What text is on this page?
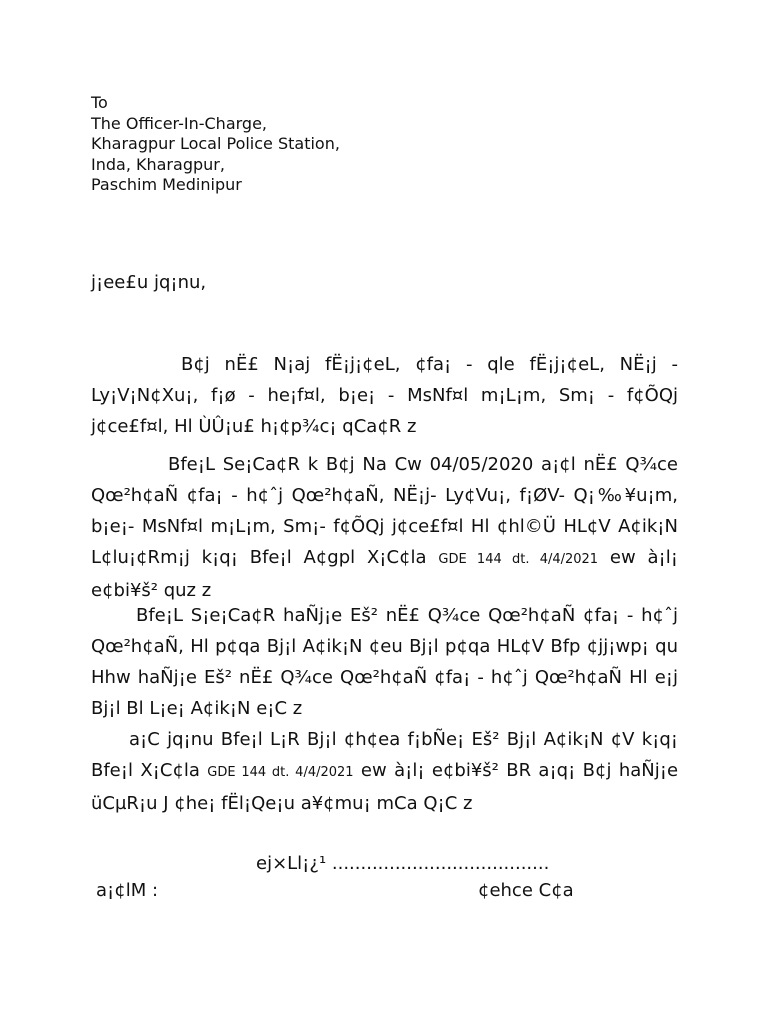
To
The Officer-In-Charge,
Kharagpur Local Police Station,
Inda, Kharagpur,
Paschim Medinipur
j¡ee£u jq¡nu,
B¢j nË£ N¡aj fË¡j¡¢eL, ¢fa¡ - qle fË¡j¡¢eL, NË¡j - Ly¡V¡N¢Xu¡, f¡ø - he¡f¤l, b¡e¡ - MsNf¤l m¡L¡m, Sm¡ - f¢ÕQj j¢ce£f¤l, Hl ÙÛ¡u£ h¡¢p¾c¡ qCa¢R z
Bfe¡L Se¡Ca¢R k B¢j Na Cw 04/05/2020 a¡¢l nË£ Q¾ce Qœ²h¢aÑ ¢fa¡ - h¢ˆj Qœ²h¢aÑ, NË¡j- Ly¢Vu¡, f¡ØV- Q¡‰¥u¡m, b¡e¡- MsNf¤l m¡L¡m, Sm¡- f¢ÕQj j¢ce£f¤l Hl ¢hl©Ü HL¢V A¢ik¡N L¢lu¡¢Rm¡j k¡q¡ Bfe¡l A¢gpl X¡C¢la GDE 144 dt. 4/4/2021 ew à¡l¡ e¢bi¥š² quz z
Bfe¡L S¡e¡Ca¢R haÑj¡e Eš² nË£ Q¾ce Qœ²h¢aÑ ¢fa¡ - h¢ˆj Qœ²h¢aÑ, Hl p¢qa Bj¡l A¢ik¡N ¢eu Bj¡l p¢qa HL¢V Bfp ¢jj¡wp¡ qu Hhw haÑj¡e Eš² nË£ Q¾ce Qœ²h¢aÑ ¢fa¡ - h¢ˆj Qœ²h¢aÑ Hl e¡j Bj¡l Bl L¡e¡ A¢ik¡N e¡C z
a¡C jq¡nu Bfe¡l L¡R Bj¡l ¢h¢ea f¡bÑe¡ Eš² Bj¡l A¢ik¡N ¢V k¡q¡ Bfe¡l X¡C¢la GDE 144 dt. 4/4/2021 ew à¡l¡ e¢bi¥š² BR a¡q¡ B¢j haÑj¡e üCµR¡u J ¢he¡ fËl¡Qe¡u a¥¢mu¡ mCa Q¡C z
ej×Ll¡¿¹ ......................................
a¡¢lM :	¢ehce C¢a
